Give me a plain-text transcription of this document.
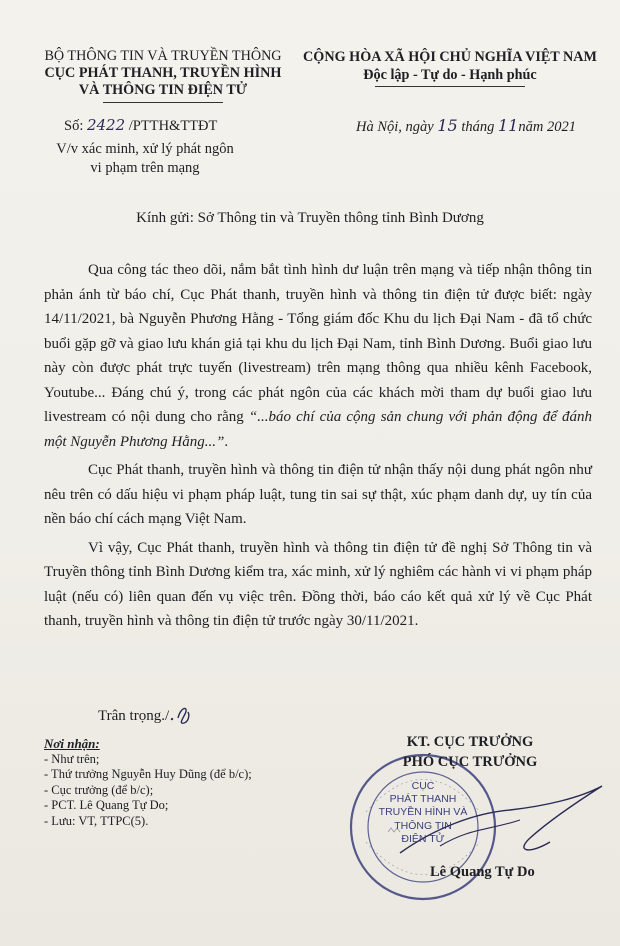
BỘ THÔNG TIN VÀ TRUYỀN THÔNG
CỤC PHÁT THANH, TRUYỀN HÌNH
VÀ THÔNG TIN ĐIỆN TỬ
CỘNG HÒA XÃ HỘI CHỦ NGHĨA VIỆT NAM
Độc lập - Tự do - Hạnh phúc
Số: 2422 /PTTH&TTĐT	Hà Nội, ngày 15 tháng 11năm 2021
V/v xác minh, xử lý phát ngôn
vi phạm trên mạng
Kính gửi: Sở Thông tin và Truyền thông tỉnh Bình Dương

Qua công tác theo dõi, nắm bắt tình hình dư luận trên mạng và tiếp nhận thông tin phản ánh từ báo chí, Cục Phát thanh, truyền hình và thông tin điện tử được biết: ngày 14/11/2021, bà Nguyễn Phương Hằng - Tổng giám đốc Khu du lịch Đại Nam - đã tổ chức buổi gặp gỡ và giao lưu khán giả tại khu du lịch Đại Nam, tỉnh Bình Dương. Buổi giao lưu này còn được phát trực tuyến (livestream) trên mạng thông qua nhiều kênh Facebook, Youtube... Đáng chú ý, trong các phát ngôn của các khách mời tham dự buổi giao lưu livestream có nội dung cho rằng “...báo chí của cộng sản chung với phản động để đánh một Nguyễn Phương Hằng...”.

Cục Phát thanh, truyền hình và thông tin điện tử nhận thấy nội dung phát ngôn như nêu trên có dấu hiệu vi phạm pháp luật, tung tin sai sự thật, xúc phạm danh dự, uy tín của nền báo chí cách mạng Việt Nam.

Vì vậy, Cục Phát thanh, truyền hình và thông tin điện tử đề nghị Sở Thông tin và Truyền thông tỉnh Bình Dương kiểm tra, xác minh, xử lý nghiêm các hành vi vi phạm pháp luật (nếu có) liên quan đến vụ việc trên. Đồng thời, báo cáo kết quả xử lý về Cục Phát thanh, truyền hình và thông tin điện tử trước ngày 30/11/2021.

Trân trọng./.
Nơi nhận:
- Như trên;
- Thứ trưởng Nguyễn Huy Dũng (để b/c);
- Cục trưởng (để b/c);
- PCT. Lê Quang Tự Do;
- Lưu: VT, TTPC(5).
CỤC
PHÁT THANH
TRUYỀN HÌNH VÀ
THÔNG TIN
ĐIỆN TỬ
KT. CỤC TRƯỞNG
PHÓ CỤC TRƯỞNG
Lê Quang Tự Do
